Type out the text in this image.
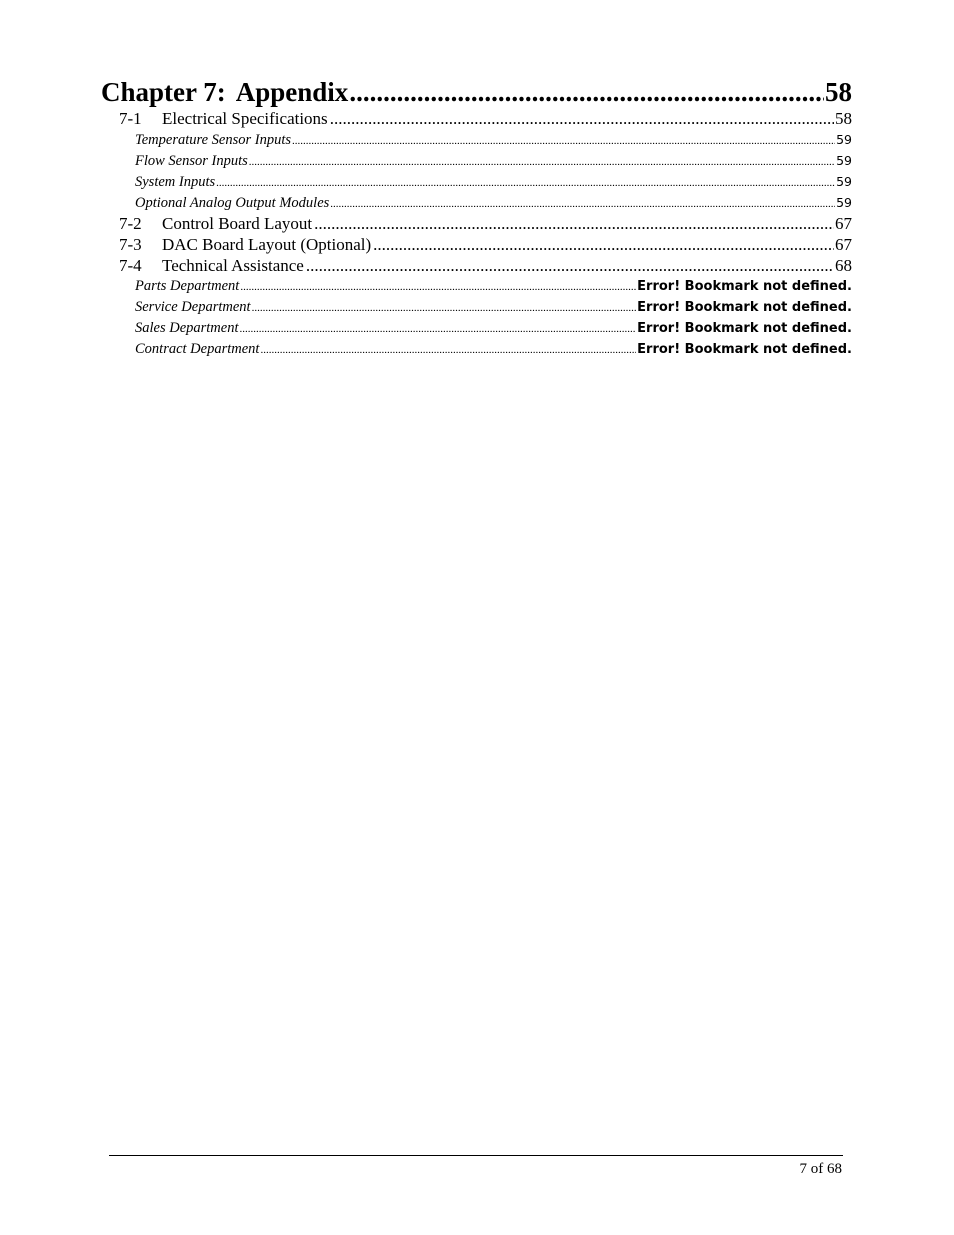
Chapter 7: Appendix .....	58
7-1 Electrical Specifications .....	58
Temperature Sensor Inputs .....	59
Flow Sensor Inputs .....	59
System Inputs .....	59
Optional Analog Output Modules .....	59
7-2 Control Board Layout .....	67
7-3 DAC Board Layout (Optional) .....	67
7-4 Technical Assistance .....	68
Parts Department .....	Error! Bookmark not defined.
Service Department .....	Error! Bookmark not defined.
Sales Department .....	Error! Bookmark not defined.
Contract Department .....	Error! Bookmark not defined.
7 of 68
